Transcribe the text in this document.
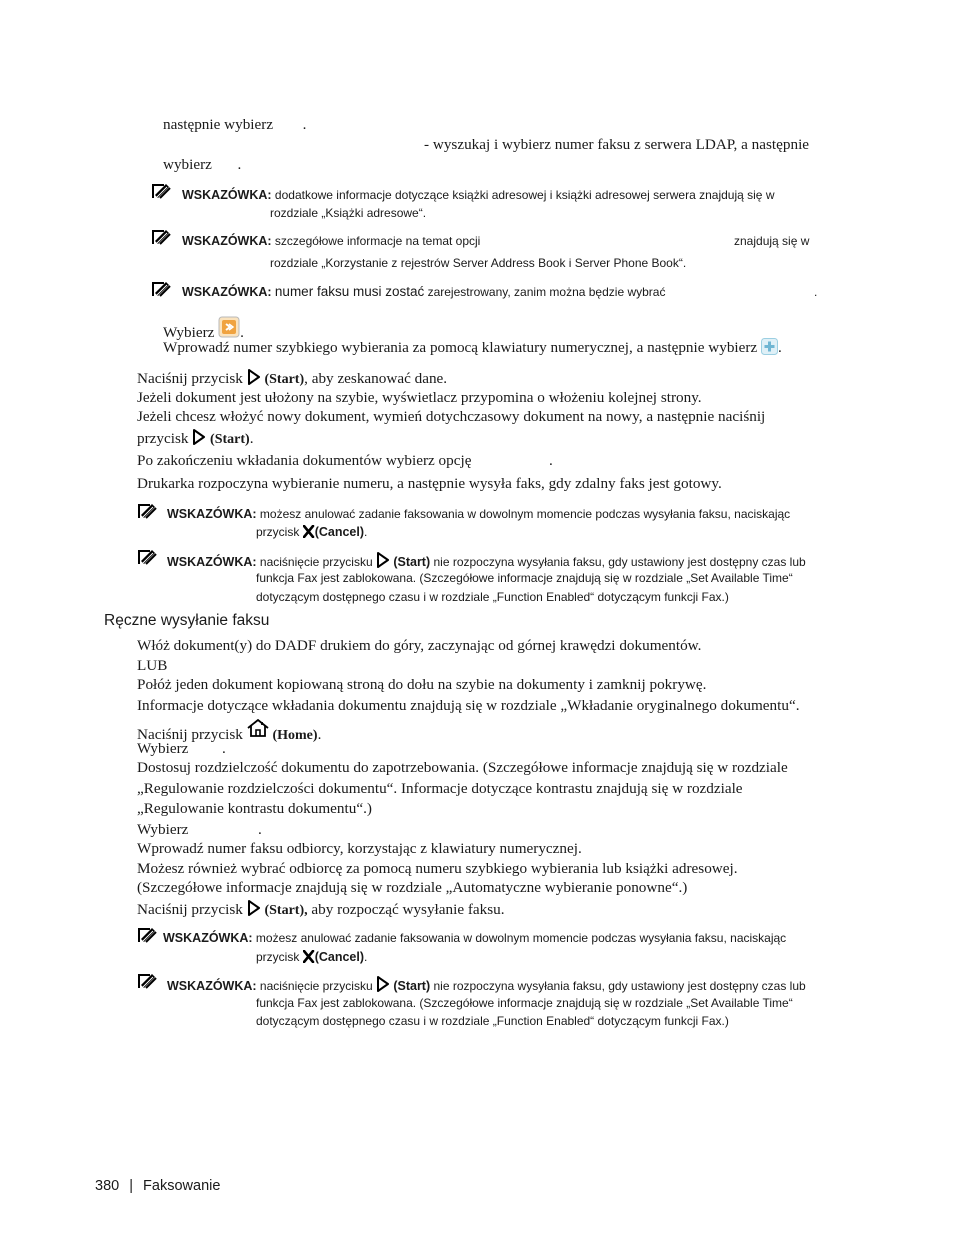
następnie wybierz .
- wyszukaj i wybierz numer faksu z serwera LDAP, a następnie
wybierz .
WSKAZÓWKA: dodatkowe informacje dotyczące książki adresowej i książki adresowej serwera znajdują się w
rozdziale „Książki adresowe“.
WSKAZÓWKA: szczegółowe informacje na temat opcji	znajdują się w
rozdziale „Korzystanie z rejestrów Server Address Book i Server Phone Book“.
WSKAZÓWKA: numer faksu musi zostać zarejestrowany, zanim można będzie wybrać	.
Wybierz .
Wprowadź numer szybkiego wybierania za pomocą klawiatury numerycznej, a następnie wybierz .
Naciśnij przycisk (Start), aby zeskanować dane.
Jeżeli dokument jest ułożony na szybie, wyświetlacz przypomina o włożeniu kolejnej strony.
Jeżeli chcesz włożyć nowy dokument, wymień dotychczasowy dokument na nowy, a następnie naciśnij
przycisk (Start).
Po zakończeniu wkładania dokumentów wybierz opcję	.
Drukarka rozpoczyna wybieranie numeru, a następnie wysyła faks, gdy zdalny faks jest gotowy.
WSKAZÓWKA: możesz anulować zadanie faksowania w dowolnym momencie podczas wysyłania faksu, naciskając
przycisk (Cancel).
WSKAZÓWKA: naciśnięcie przycisku (Start) nie rozpoczyna wysyłania faksu, gdy ustawiony jest dostępny czas lub
funkcja Fax jest zablokowana. (Szczegółowe informacje znajdują się w rozdziale „Set Available Time“
dotyczącym dostępnego czasu i w rozdziale „Function Enabled“ dotyczącym funkcji Fax.)
Ręczne wysyłanie faksu
Włóż dokument(y) do DADF drukiem do góry, zaczynając od górnej krawędzi dokumentów.
LUB
Połóż jeden dokument kopiowaną stroną do dołu na szybie na dokumenty i zamknij pokrywę.
Informacje dotyczące wkładania dokumentu znajdują się w rozdziale „Wkładanie oryginalnego dokumentu“.
Naciśnij przycisk (Home).
Wybierz .
Dostosuj rozdzielczość dokumentu do zapotrzebowania. (Szczegółowe informacje znajdują się w rozdziale
„Regulowanie rozdzielczości dokumentu“. Informacje dotyczące kontrastu znajdują się w rozdziale
„Regulowanie kontrastu dokumentu“.)
Wybierz	.
Wprowadź numer faksu odbiorcy, korzystając z klawiatury numerycznej.
Możesz również wybrać odbiorcę za pomocą numeru szybkiego wybierania lub książki adresowej.
(Szczegółowe informacje znajdują się w rozdziale „Automatyczne wybieranie ponowne“.)
Naciśnij przycisk (Start), aby rozpocząć wysyłanie faksu.
WSKAZÓWKA: możesz anulować zadanie faksowania w dowolnym momencie podczas wysyłania faksu, naciskając
przycisk (Cancel).
WSKAZÓWKA: naciśnięcie przycisku (Start) nie rozpoczyna wysyłania faksu, gdy ustawiony jest dostępny czas lub
funkcja Fax jest zablokowana. (Szczegółowe informacje znajdują się w rozdziale „Set Available Time“
dotyczącym dostępnego czasu i w rozdziale „Function Enabled“ dotyczącym funkcji Fax.)
380 | Faksowanie
